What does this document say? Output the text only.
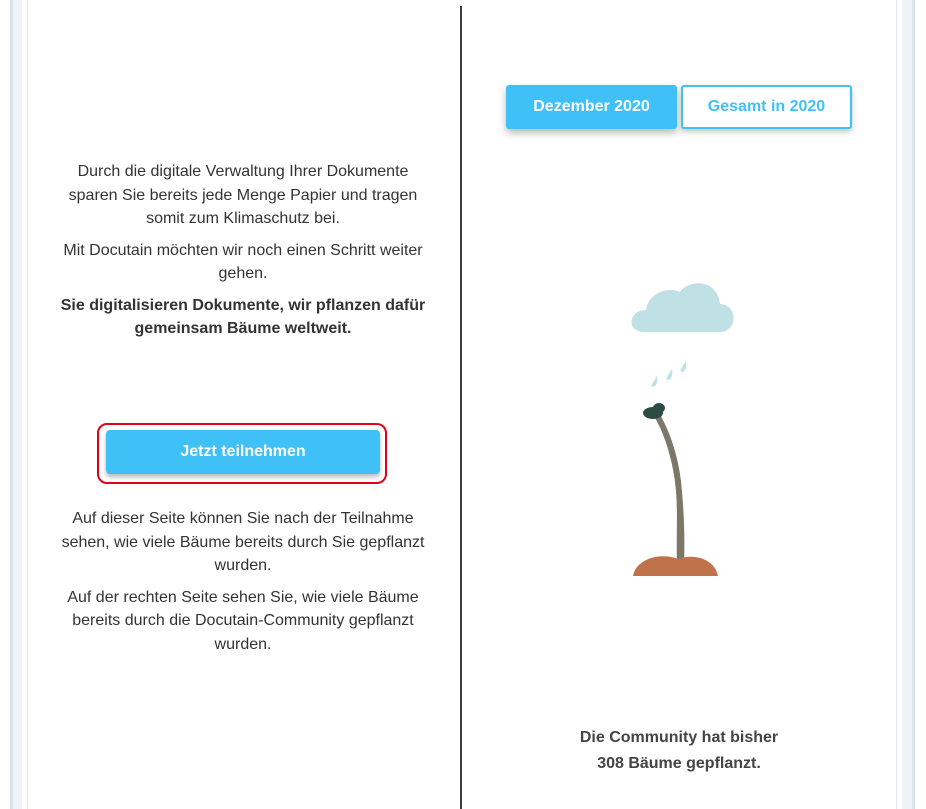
Durch die digitale Verwaltung Ihrer Dokumente sparen Sie bereits jede Menge Papier und tragen somit zum Klimaschutz bei.

Mit Docutain möchten wir noch einen Schritt weiter gehen.

Sie digitalisieren Dokumente, wir pflanzen dafür gemeinsam Bäume weltweit.

Jetzt teilnehmen

Auf dieser Seite können Sie nach der Teilnahme sehen, wie viele Bäume bereits durch Sie gepflanzt wurden.

Auf der rechten Seite sehen Sie, wie viele Bäume bereits durch die Docutain-Community gepflanzt wurden.

Dezember 2020	Gesamt in 2020
Die Community hat bisher
308 Bäume gepflanzt.
